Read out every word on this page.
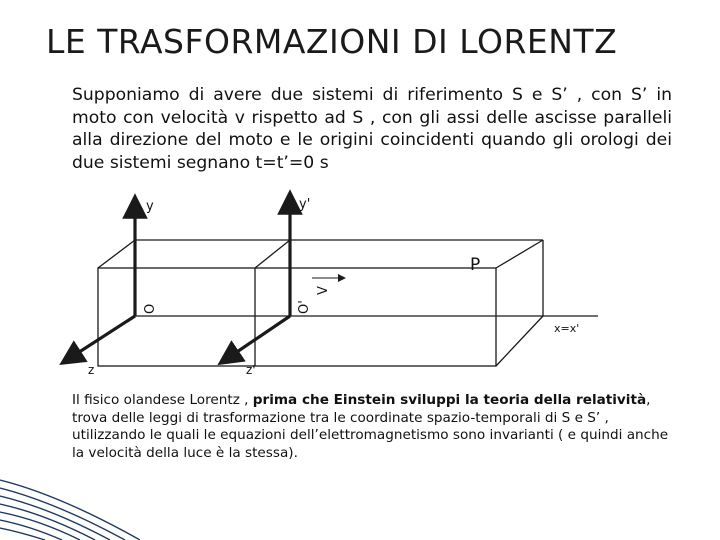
LE TRASFORMAZIONI DI LORENTZ
Supponiamo di avere due sistemi di riferimento S e S’ , con S’ in moto con velocità v rispetto ad S , con gli assi delle ascisse paralleli alla direzione del moto e le origini coincidenti quando gli orologi dei due sistemi segnano t=t’=0 s
y	y'
P
V
O	O'
x=x'
z	z'
Il fisico olandese Lorentz , prima che Einstein sviluppi la teoria della relatività, trova delle leggi di trasformazione tra le coordinate spazio-temporali di S e S’ , utilizzando le quali le equazioni dell’elettromagnetismo sono invarianti ( e quindi anche la velocità della luce è la stessa).
